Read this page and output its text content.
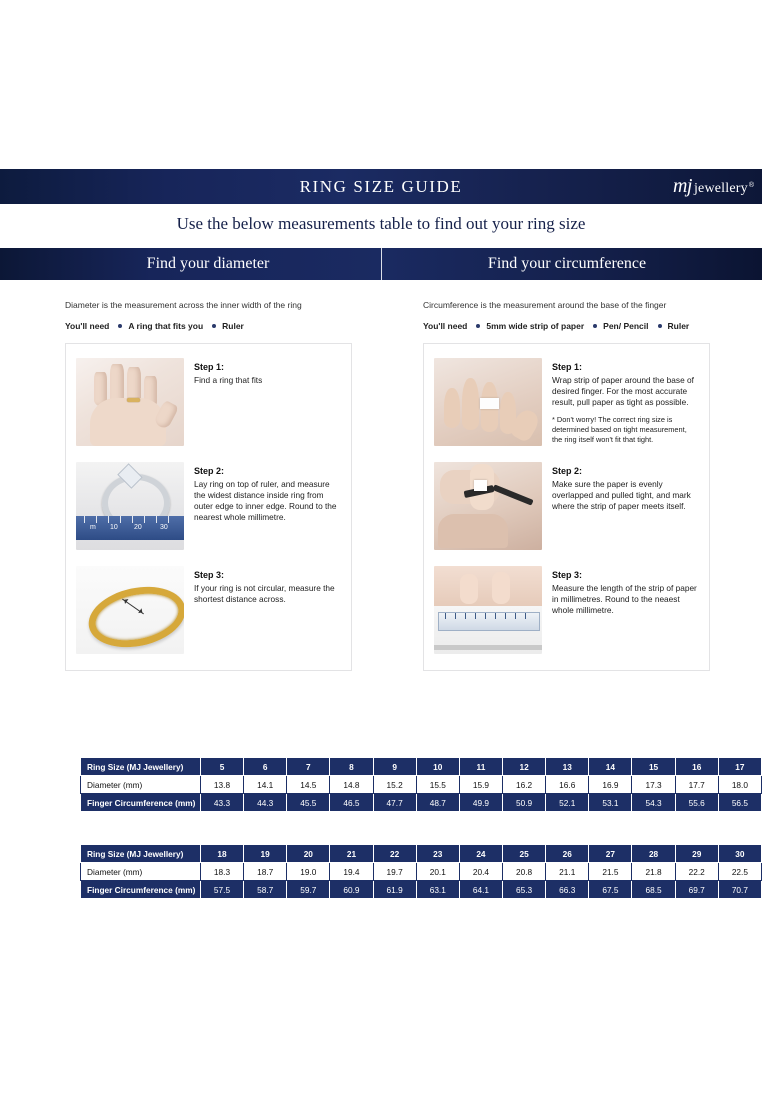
RING SIZE GUIDE	mj jewellery ®
Use the below measurements table to find out your ring size
Find your diameter	Find your circumference

Diameter is the measurement across the inner width of the ring

You'll need A ring that fits you Ruler

Step 1:

Find a ring that fits

m 10 20	30

Step 2:

Lay ring on top of ruler, and measure the widest distance inside ring from outer edge to inner edge. Round to the nearest whole millimetre.

Step 3:

If your ring is not circular, measure the shortest distance across.

Circumference is the measurement around the base of the finger

You'll need 5mm wide strip of paper Pen/ Pencil Ruler

Step 1:

Wrap strip of paper around the base of desired finger. For the most accurate result, pull paper as tight as possible.

* Don't worry! The correct ring size is determined based on tight measurement, the ring itself won't fit that tight.

Step 2:

Make sure the paper is evenly overlapped and pulled tight, and mark where the strip of paper meets itself.

Step 3:

Measure the length of the strip of paper in millimetres. Round to the neaest whole millimetre.

Ring Size (MJ Jewellery)	5	6	7	8	9	10	11	12	13	14	15	16	17
Diameter (mm)	13.8	14.1	14.5	14.8	15.2	15.5	15.9	16.2	16.6	16.9	17.3	17.7	18.0
Finger Circumference (mm)	43.3	44.3	45.5	46.5	47.7	48.7	49.9	50.9	52.1	53.1	54.3	55.6	56.5
Ring Size (MJ Jewellery)	18	19	20	21	22	23	24	25	26	27	28	29	30
Diameter (mm)	18.3	18.7	19.0	19.4	19.7	20.1	20.4	20.8	21.1	21.5	21.8	22.2	22.5
Finger Circumference (mm)	57.5	58.7	59.7	60.9	61.9	63.1	64.1	65.3	66.3	67.5	68.5	69.7	70.7
